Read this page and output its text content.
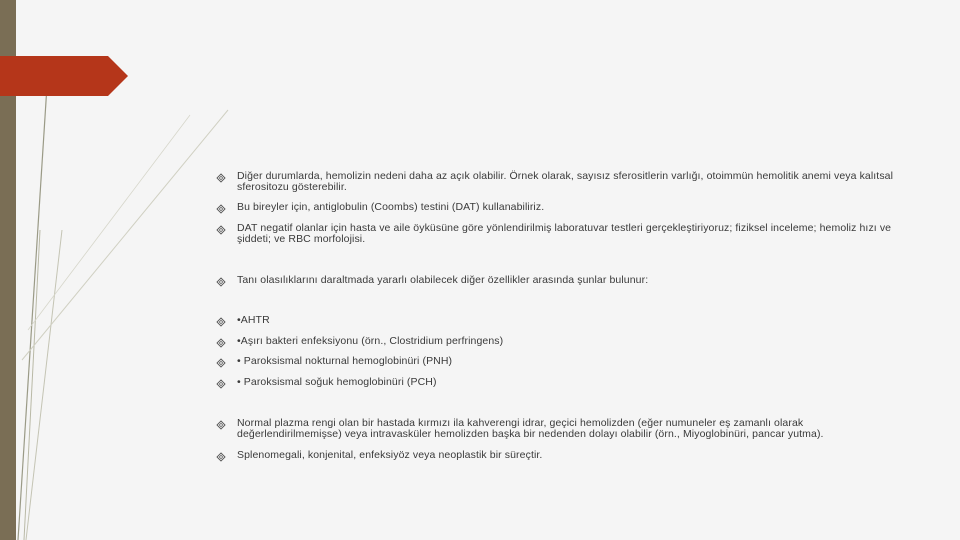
Diğer durumlarda, hemolizin nedeni daha az açık olabilir. Örnek olarak, sayısız sferositlerin varlığı, otoimmün hemolitik anemi veya kalıtsal sferositozu gösterebilir.
Bu bireyler için, antiglobulin (Coombs) testini (DAT) kullanabiliriz.
DAT negatif olanlar için hasta ve aile öyküsüne göre yönlendirilmiş laboratuvar testleri gerçekleştiriyoruz; fiziksel inceleme; hemoliz hızı ve şiddeti; ve RBC morfolojisi.
Tanı olasılıklarını daraltmada yararlı olabilecek diğer özellikler arasında şunlar bulunur:
•AHTR
•Aşırı bakteri enfeksiyonu (örn., Clostridium perfringens)
• Paroksismal nokturnal hemoglobinüri (PNH)
• Paroksismal soğuk hemoglobinüri (PCH)
Normal plazma rengi olan bir hastada kırmızı ila kahverengi idrar, geçici hemolizden (eğer numuneler eş zamanlı olarak değerlendirilmemişse) veya intravasküler hemolizden başka bir nedenden dolayı olabilir (örn., Miyoglobinüri, pancar yutma).
Splenomegali, konjenital, enfeksiyöz veya neoplastik bir süreçtir.
